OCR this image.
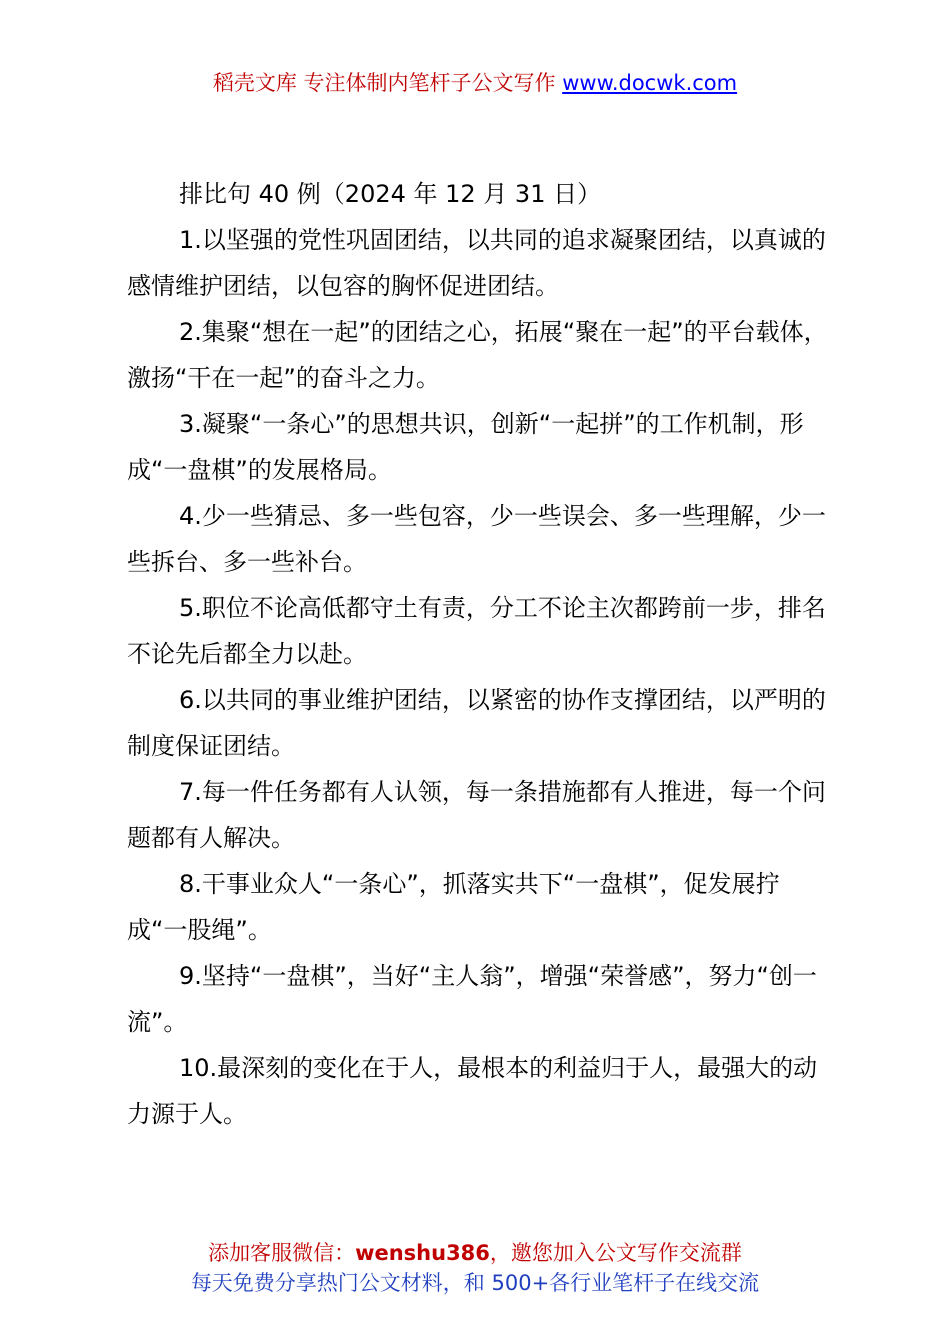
稻壳文库 专注体制内笔杆子公文写作 www.docwk.com

排比句 40 例（2024 年 12 月 31 日）

1.以坚强的党性巩固团结，以共同的追求凝聚团结，以真诚的感情维护团结，以包容的胸怀促进团结。

2.集聚“想在一起”的团结之心，拓展“聚在一起”的平台载体，激扬“干在一起”的奋斗之力。

3.凝聚“一条心”的思想共识，创新“一起拼”的工作机制，形成“一盘棋”的发展格局。

4.少一些猜忌、多一些包容，少一些误会、多一些理解，少一些拆台、多一些补台。

5.职位不论高低都守土有责，分工不论主次都跨前一步，排名不论先后都全力以赴。

6.以共同的事业维护团结，以紧密的协作支撑团结，以严明的制度保证团结。

7.每一件任务都有人认领，每一条措施都有人推进，每一个问题都有人解决。

8.干事业众人“一条心”，抓落实共下“一盘棋”，促发展拧成“一股绳”。

9.坚持“一盘棋”，当好“主人翁”，增强“荣誉感”，努力“创一流”。

10.最深刻的变化在于人，最根本的利益归于人，最强大的动力源于人。

添加客服微信：wenshu386，邀您加入公文写作交流群
每天免费分享热门公文材料，和 500+各行业笔杆子在线交流
